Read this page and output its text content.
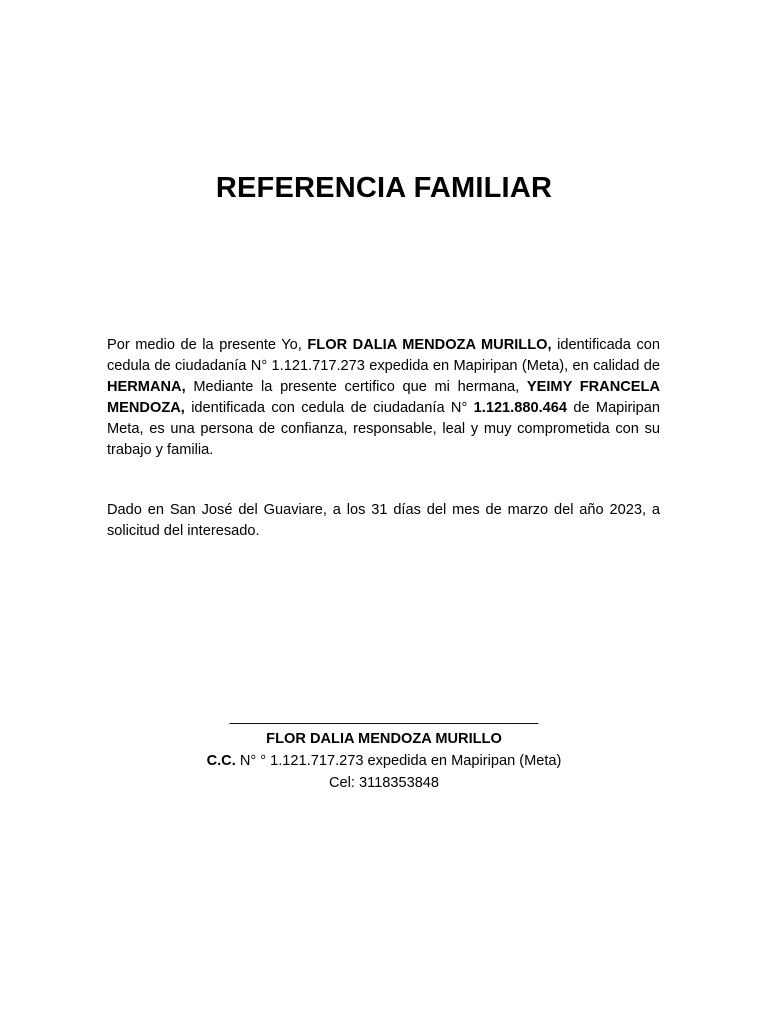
REFERENCIA FAMILIAR

Por medio de la presente Yo, FLOR DALIA MENDOZA MURILLO, identificada con cedula de ciudadanía N° 1.121.717.273 expedida en Mapiripan (Meta), en calidad de HERMANA, Mediante la presente certifico que mi hermana, YEIMY FRANCELA MENDOZA, identificada con cedula de ciudadanía N° 1.121.880.464 de Mapiripan Meta, es una persona de confianza, responsable, leal y muy comprometida con su trabajo y familia.

Dado en San José del Guaviare, a los 31 días del mes de marzo del año 2023, a solicitud del interesado.

______________________________________
FLOR DALIA MENDOZA MURILLO
C.C. N° ° 1.121.717.273 expedida en Mapiripan (Meta)
Cel: 3118353848
